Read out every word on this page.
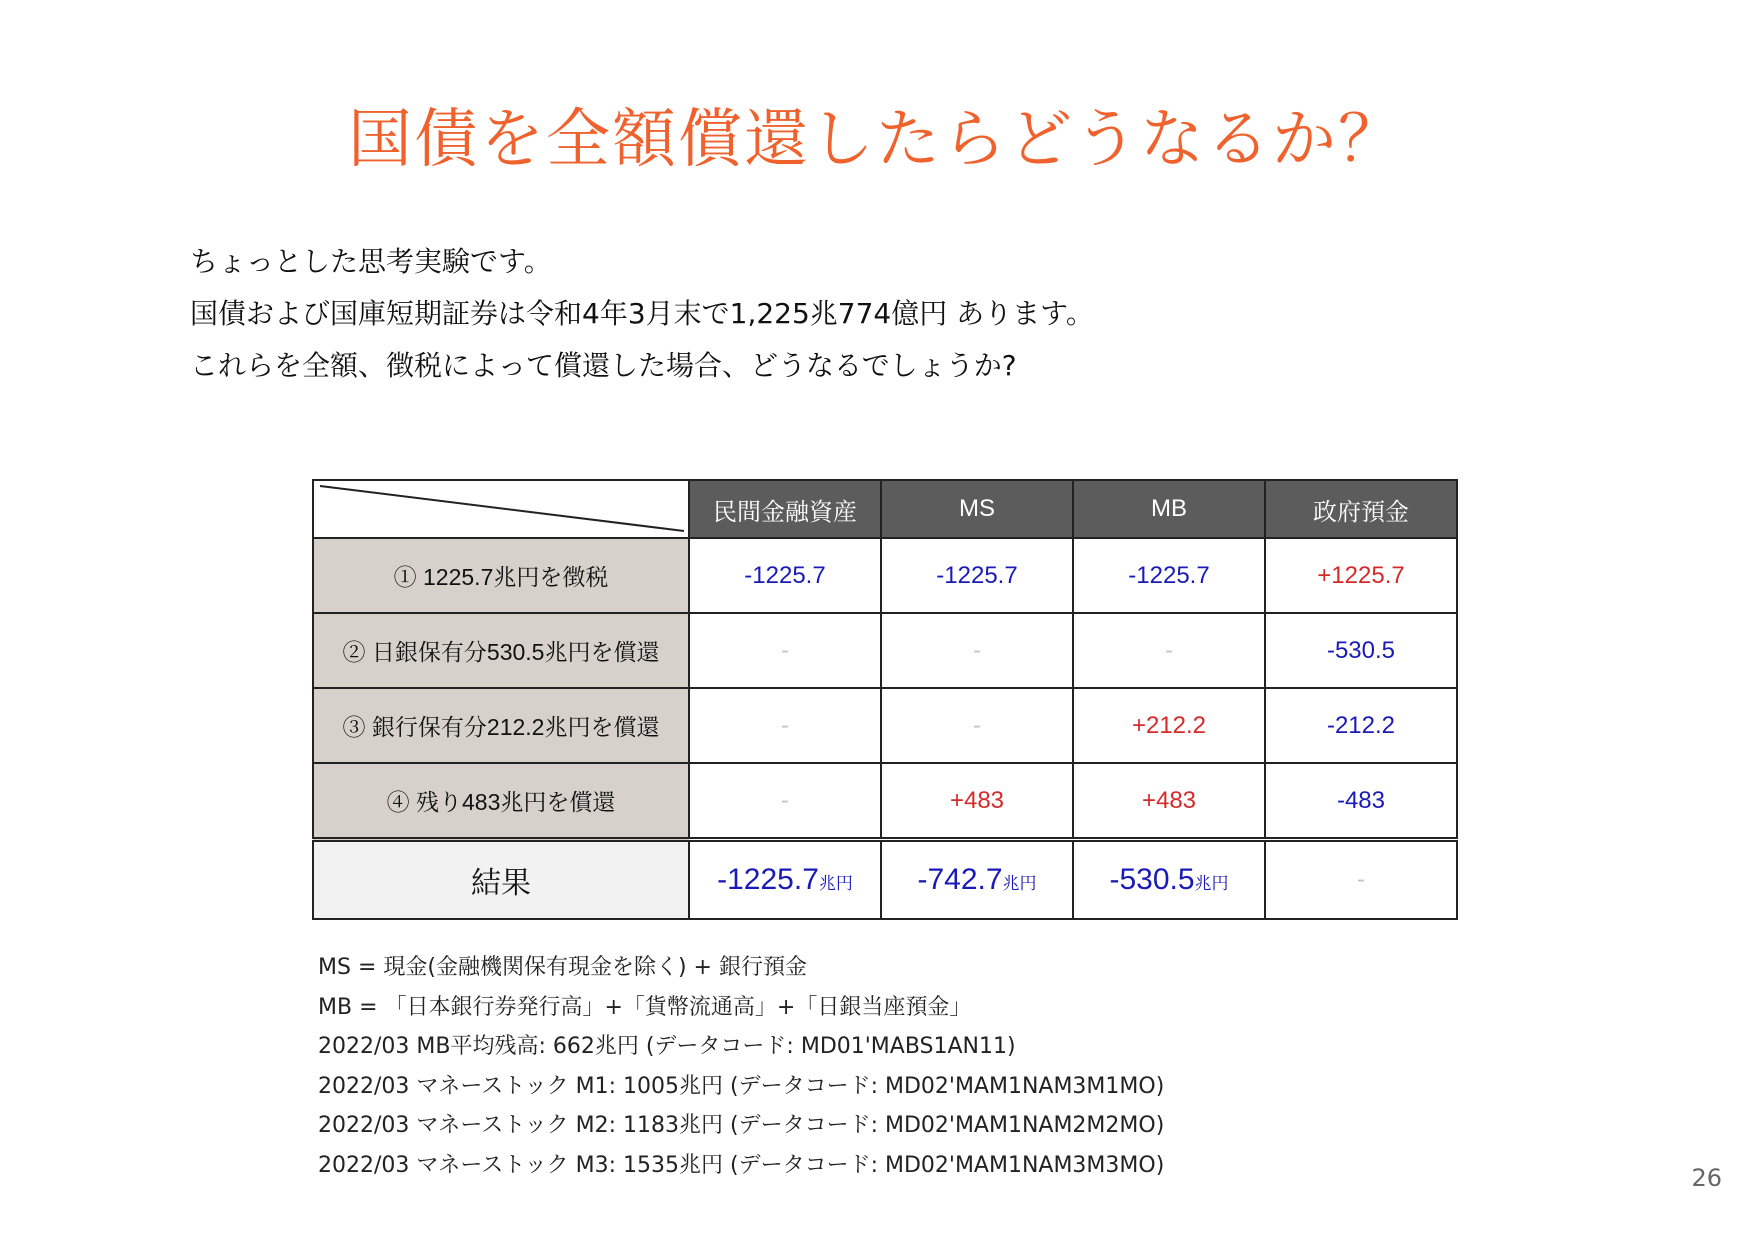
国債を全額償還したらどうなるか？
ちょっとした思考実験です。
国債および国庫短期証券は令和4年3月末で1,225兆774億円 あります。
これらを全額、徴税によって償還した場合、どうなるでしょうか?
	民間金融資産	MS	MB	政府預金
① 1225.7兆円を徴税	-1225.7	-1225.7	-1225.7	+1225.7
② 日銀保有分530.5兆円を償還	-	-	-	-530.5
③ 銀行保有分212.2兆円を償還	-	-	+212.2	-212.2
④ 残り483兆円を償還	-	+483	+483	-483
結果	-1225.7兆円	-742.7兆円	-530.5兆円	-
MS = 現金(金融機関保有現金を除く) + 銀行預金
MB = 「日本銀行券発行高」+「貨幣流通高」+「日銀当座預金」
2022/03 MB平均残高: 662兆円 (データコード: MD01'MABS1AN11)
2022/03 マネーストック M1: 1005兆円 (データコード: MD02'MAM1NAM3M1MO)
2022/03 マネーストック M2: 1183兆円 (データコード: MD02'MAM1NAM2M2MO)
2022/03 マネーストック M3: 1535兆円 (データコード: MD02'MAM1NAM3M3MO)	26
